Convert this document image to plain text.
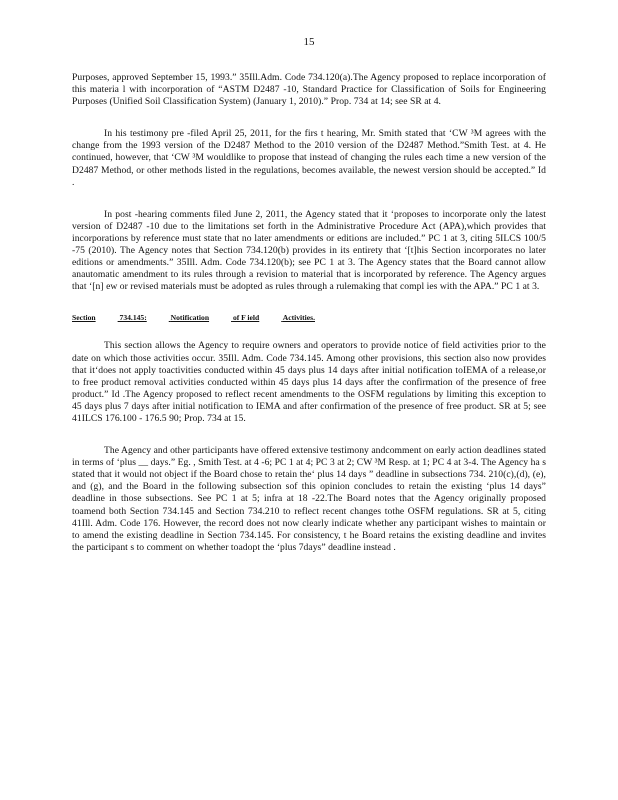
15

Purposes, approved September 15, 1993.” 35Ill.Adm. Code 734.120(a).The Agency proposed to replace incorporation of this materia l with incorporation of “ASTM D2487 -10, Standard Practice for Classification of Soils for Engineering Purposes (Unified Soil Classification System) (January 1, 2010).” Prop. 734 at 14; see SR at 4.

In his testimony pre -filed April 25, 2011, for the firs t hearing, Mr. Smith stated that ‘CW ³M agrees with the change from the 1993 version of the D2487 Method to the 2010 version of the D2487 Method.”Smith Test. at 4. He continued, however, that ‘CW ³M wouldlike to propose that instead of changing the rules each time a new version of the D2487 Method, or other methods listed in the regulations, becomes available, the newest version should be accepted.” Id .

In post -hearing comments filed June 2, 2011, the Agency stated that it ‘proposes to incorporate only the latest version of D2487 -10 due to the limitations set forth in the Administrative Procedure Act (APA),which provides that incorporations by reference must state that no later amendments or editions are included.” PC 1 at 3, citing 5ILCS 100/5 -75 (2010). The Agency notes that Section 734.120(b) provides in its entirety that ‘[t]his Section incorporates no later editions or amendments.” 35Ill. Adm. Code 734.120(b); see PC 1 at 3. The Agency states that the Board cannot allow anautomatic amendment to its rules through a revision to material that is incorporated by reference. The Agency argues that ‘[n] ew or revised materials must be adopted as rules through a rulemaking that compl ies with the APA.” PC 1 at 3.

Section	734.145:	Notification	of F ield	Activities.

This section allows the Agency to require owners and operators to provide notice of field activities prior to the date on which those activities occur. 35Ill. Adm. Code 734.145. Among other provisions, this section also now provides that it‘does not apply toactivities conducted within 45 days plus 14 days after initial notification toIEMA of a release,or to free product removal activities conducted within 45 days plus 14 days after the confirmation of the presence of free product.” Id .The Agency proposed to reflect recent amendments to the OSFM regulations by limiting this exception to 45 days plus 7 days after initial notification to IEMA and after confirmation of the presence of free product. SR at 5; see 41ILCS 176.100 - 176.5 90; Prop. 734 at 15.

The Agency and other participants have offered extensive testimony andcomment on early action deadlines stated in terms of ‘plus __ days.” Eg. , Smith Test. at 4 -6; PC 1 at 4; PC 3 at 2; CW ³M Resp. at 1; PC 4 at 3-4. The Agency ha s stated that it would not object if the Board chose to retain the‘ plus 14 days ” deadline in subsections 734. 210(c),(d), (e), and (g), and the Board in the following subsection sof this opinion concludes to retain the existing ‘plus 14 days” deadline in those subsections. See PC 1 at 5; infra at 18 -22.The Board notes that the Agency originally proposed toamend both Section 734.145 and Section 734.210 to reflect recent changes tothe OSFM regulations. SR at 5, citing 41Ill. Adm. Code 176. However, the record does not now clearly indicate whether any participant wishes to maintain or to amend the existing deadline in Section 734.145. For consistency, t he Board retains the existing deadline and invites the participant s to comment on whether toadopt the ‘plus 7days” deadline instead .
